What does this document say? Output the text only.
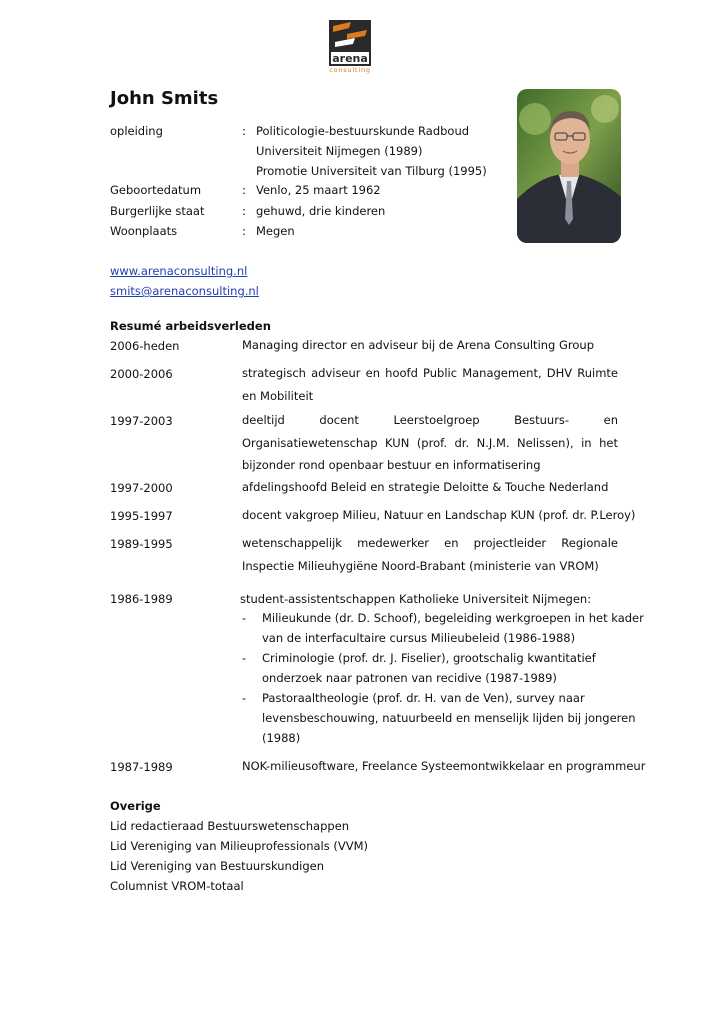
arena
consulting
John Smits
opleiding	: Politicologie-bestuurskunde Radboud
Universiteit Nijmegen (1989)
Promotie Universiteit van Tilburg (1995)
Geboortedatum	: Venlo, 25 maart 1962
Burgerlijke staat	: gehuwd, drie kinderen
Woonplaats	: Megen
www.arenaconsulting.nl
smits@arenaconsulting.nl
Resumé arbeidsverleden
2006-heden	Managing director en adviseur bij de Arena Consulting Group
2000-2006	strategisch adviseur en hoofd Public Management, DHV Ruimte en Mobiliteit
1997-2003	deeltijd docent Leerstoelgroep Bestuurs- en Organisatiewetenschap KUN (prof. dr. N.J.M. Nelissen), in het bijzonder rond openbaar bestuur en informatisering
1997-2000	afdelingshoofd Beleid en strategie Deloitte & Touche Nederland
1995-1997	docent vakgroep Milieu, Natuur en Landschap KUN (prof. dr. P.Leroy)
1989-1995	wetenschappelijk medewerker en projectleider Regionale Inspectie Milieuhygiëne Noord-Brabant (ministerie van VROM)
1986-1989	student-assistentschappen Katholieke Universiteit Nijmegen:
- Milieukunde (dr. D. Schoof), begeleiding werkgroepen in het kader
van de interfacultaire cursus Milieubeleid (1986-1988)
- Criminologie (prof. dr. J. Fiselier), grootschalig kwantitatief
onderzoek naar patronen van recidive (1987-1989)
- Pastoraaltheologie (prof. dr. H. van de Ven), survey naar
levensbeschouwing, natuurbeeld en menselijk lijden bij jongeren
(1988)
1987-1989	NOK-milieusoftware, Freelance Systeemontwikkelaar en programmeur
Overige
Lid redactieraad Bestuurswetenschappen
Lid Vereniging van Milieuprofessionals (VVM)
Lid Vereniging van Bestuurskundigen
Columnist VROM-totaal
